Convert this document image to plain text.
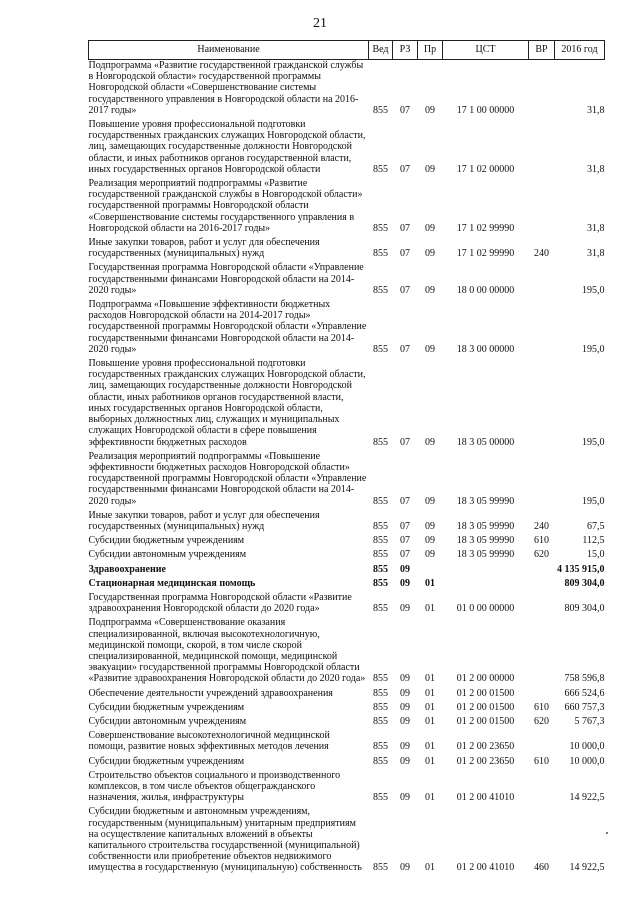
21
Наименование	Вед	РЗ	Пр	ЦСТ	ВР	2016 год
Подпрограмма «Развитие государственной гражданской службы в Новгородской области» государственной программы Новгородской области «Совершенствование системы государственного управления в Новгородской области на 2016-2017 годы»	855	07	09	17 1 00 00000		31,8
Повышение уровня профессиональной подготовки государственных гражданских служащих Новгородской области, лиц, замещающих государственные должности Новгородской области, и иных работников органов государственной власти, иных государственных органов Новгородской области	855	07	09	17 1 02 00000		31,8
Реализация мероприятий подпрограммы «Развитие государственной гражданской службы в Новгородской области» государственной программы Новгородской области «Совершенствование системы государственного управления в Новгородской области на 2016-2017 годы»	855	07	09	17 1 02 99990		31,8
Иные закупки товаров, работ и услуг для обеспечения государственных (муниципальных) нужд	855	07	09	17 1 02 99990	240	31,8
Государственная программа Новгородской области «Управление государственными финансами Новгородской области на 2014-2020 годы»	855	07	09	18 0 00 00000		195,0
Подпрограмма «Повышение эффективности бюджетных расходов Новгородской области на 2014-2017 годы» государственной программы Новгородской области «Управление государственными финансами Новгородской области на 2014-2020 годы»	855	07	09	18 3 00 00000		195,0
Повышение уровня профессиональной подготовки государственных гражданских служащих Новгородской области, лиц, замещающих государственные должности Новгородской области, иных работников органов государственной власти, иных государственных органов Новгородской области, выборных должностных лиц, служащих и муниципальных служащих Новгородской области в сфере повышения эффективности бюджетных расходов	855	07	09	18 3 05 00000		195,0
Реализация мероприятий подпрограммы «Повышение эффективности бюджетных расходов Новгородской области» государственной программы Новгородской области «Управление государственными финансами Новгородской области на 2014-2020 годы»	855	07	09	18 3 05 99990		195,0
Иные закупки товаров, работ и услуг для обеспечения государственных (муниципальных) нужд	855	07	09	18 3 05 99990	240	67,5
Субсидии бюджетным учреждениям	855	07	09	18 3 05 99990	610	112,5
Субсидии автономным учреждениям	855	07	09	18 3 05 99990	620	15,0
Здравоохранение	855	09				4 135 915,0
Стационарная медицинская помощь	855	09	01			809 304,0
Государственная программа Новгородской области «Развитие здравоохранения Новгородской области до 2020 года»	855	09	01	01 0 00 00000		809 304,0
Подпрограмма «Совершенствование оказания специализированной, включая высокотехнологичную, медицинской помощи, скорой, в том числе скорой специализированной, медицинской помощи, медицинской эвакуации» государственной программы Новгородской области «Развитие здравоохранения Новгородской области до 2020 года»	855	09	01	01 2 00 00000		758 596,8
Обеспечение деятельности учреждений здравоохранения	855	09	01	01 2 00 01500		666 524,6
Субсидии бюджетным учреждениям	855	09	01	01 2 00 01500	610	660 757,3
Субсидии автономным учреждениям	855	09	01	01 2 00 01500	620	5 767,3
Совершенствование высокотехнологичной медицинской помощи, развитие новых эффективных методов лечения	855	09	01	01 2 00 23650		10 000,0
Субсидии бюджетным учреждениям	855	09	01	01 2 00 23650	610	10 000,0
Строительство объектов социального и производственного комплексов, в том числе объектов общегражданского назначения, жилья, инфраструктуры	855	09	01	01 2 00 41010		14 922,5
Субсидии бюджетным и автономным учреждениям, государственным (муниципальным) унитарным предприятиям на осуществление капитальных вложений в объекты капитального строительства государственной (муниципальной) собственности или приобретение объектов недвижимого имущества в государственную (муниципальную) собственность	855	09	01	01 2 00 41010	460	14 922,5
